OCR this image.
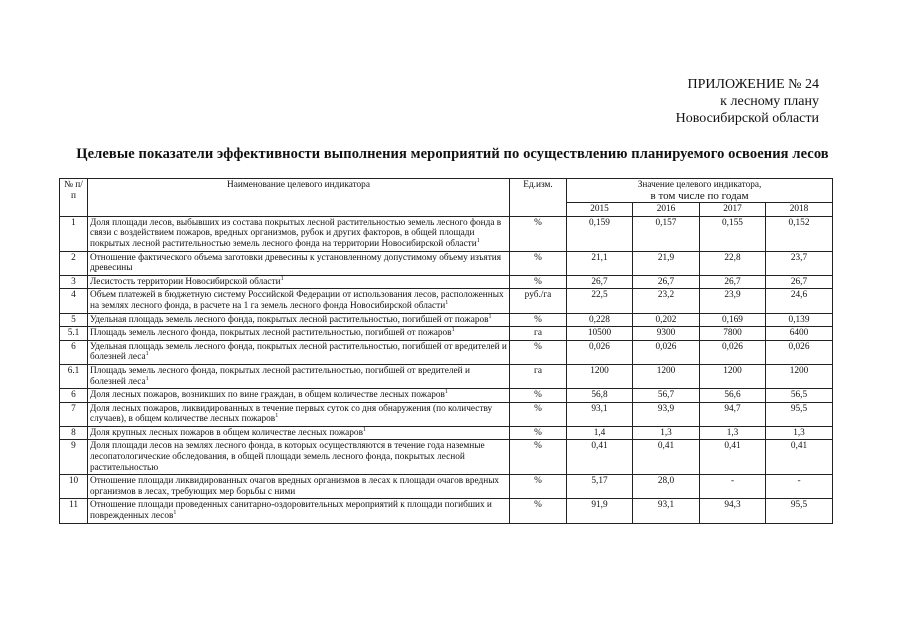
ПРИЛОЖЕНИЕ № 24
к лесному плану
Новосибирской области
Целевые показатели эффективности выполнения мероприятий по осуществлению планируемого освоения лесов
№ п/п	Наименование целевого индикатора	Ед.изм.	Значение целевого индикатора,
в том числе по годам			

			2015	2016	2017	2018
1	Доля площади лесов, выбывших из состава покрытых лесной растительностью земель лесного фонда в связи с воздействием пожаров, вредных организмов, рубок и других факторов, в общей площади покрытых лесной растительностью земель лесного фонда на территории Новосибирской области$^1$	%	0,159	0,157	0,155	0,152
2	Отношение фактического объема заготовки древесины к установленному допустимому объему изъятия древесины	%	21,1	21,9	22,8	23,7
3	Лесистость территории Новосибирской области$^1$	%	26,7	26,7	26,7	26,7
4	Объем платежей в бюджетную систему Российской Федерации от использования лесов, расположенных на землях лесного фонда, в расчете на 1 га земель лесного фонда Новосибирской области$^1$	руб./га	22,5	23,2	23,9	24,6
5	Удельная площадь земель лесного фонда, покрытых лесной растительностью, погибшей от пожаров$^1$	%	0,228	0,202	0,169	0,139
5.1	Площадь земель лесного фонда, покрытых лесной растительностью, погибшей от пожаров$^1$	га	10500	9300	7800	6400
6	Удельная площадь земель лесного фонда, покрытых лесной растительностью, погибшей от вредителей и болезней леса$^1$	%	0,026	0,026	0,026	0,026
6.1	Площадь земель лесного фонда, покрытых лесной растительностью, погибшей от вредителей и болезней леса$^1$	га	1200	1200	1200	1200
6	Доля лесных пожаров, возникших по вине граждан, в общем количестве лесных пожаров$^1$	%	56,8	56,7	56,6	56,5
7	Доля лесных пожаров, ликвидированных в течение первых суток со дня обнаружения (по количеству случаев), в общем количестве лесных пожаров$^1$	%	93,1	93,9	94,7	95,5
8	Доля крупных лесных пожаров в общем количестве лесных пожаров$^1$	%	1,4	1,3	1,3	1,3
9	Доля площади лесов на землях лесного фонда, в которых осуществляются в течение года наземные лесопатологические обследования, в общей площади земель лесного фонда, покрытых лесной растительностью	%	0,41	0,41	0,41	0,41
10	Отношение площади ликвидированных очагов вредных организмов в лесах к площади очагов вредных организмов в лесах, требующих мер борьбы с ними	%	5,17	28,0	-	-
11	Отношение площади проведенных санитарно-оздоровительных мероприятий к площади погибших и поврежденных лесов$^1$	%	91,9	93,1	94,3	95,5
